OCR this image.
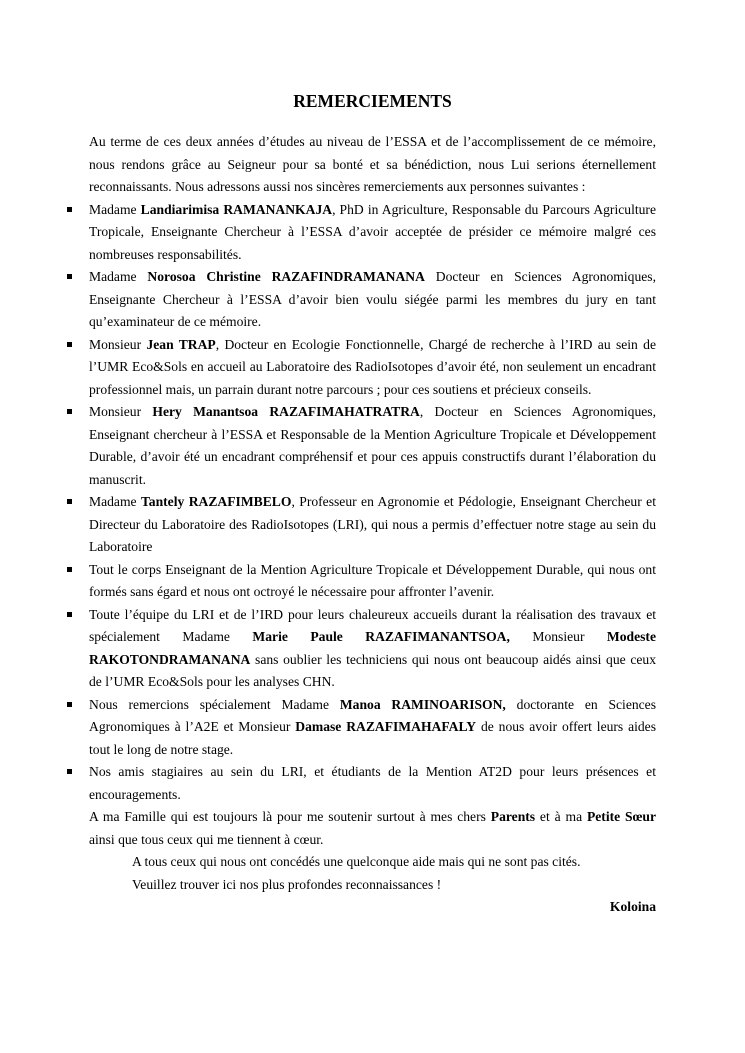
REMERCIEMENTS

Au terme de ces deux années d’études au niveau de l’ESSA et de l’accomplissement de ce mémoire, nous rendons grâce au Seigneur pour sa bonté et sa bénédiction, nous Lui serions éternellement reconnaissants. Nous adressons aussi nos sincères remerciements aux personnes suivantes :

Madame Landiarimisa RAMANANKAJA, PhD in Agriculture, Responsable du Parcours Agriculture Tropicale, Enseignante Chercheur à l’ESSA d’avoir acceptée de présider ce mémoire malgré ces nombreuses responsabilités.
Madame Norosoa Christine RAZAFINDRAMANANA Docteur en Sciences Agronomiques, Enseignante Chercheur à l’ESSA d’avoir bien voulu siégée parmi les membres du jury en tant qu’examinateur de ce mémoire.
Monsieur Jean TRAP, Docteur en Ecologie Fonctionnelle, Chargé de recherche à l’IRD au sein de l’UMR Eco&Sols en accueil au Laboratoire des RadioIsotopes d’avoir été, non seulement un encadrant professionnel mais, un parrain durant notre parcours ; pour ces soutiens et précieux conseils.
Monsieur Hery Manantsoa RAZAFIMAHATRATRA, Docteur en Sciences Agronomiques, Enseignant chercheur à l’ESSA et Responsable de la Mention Agriculture Tropicale et Développement Durable, d’avoir été un encadrant compréhensif et pour ces appuis constructifs durant l’élaboration du manuscrit.
Madame Tantely RAZAFIMBELO, Professeur en Agronomie et Pédologie, Enseignant Chercheur et Directeur du Laboratoire des RadioIsotopes (LRI), qui nous a permis d’effectuer notre stage au sein du Laboratoire
Tout le corps Enseignant de la Mention Agriculture Tropicale et Développement Durable, qui nous ont formés sans égard et nous ont octroyé le nécessaire pour affronter l’avenir.
Toute l’équipe du LRI et de l’IRD pour leurs chaleureux accueils durant la réalisation des travaux et spécialement Madame Marie Paule RAZAFIMANANTSOA, Monsieur Modeste RAKOTONDRAMANANA sans oublier les techniciens qui nous ont beaucoup aidés ainsi que ceux de l’UMR Eco&Sols pour les analyses CHN.
Nous remercions spécialement Madame Manoa RAMINOARISON, doctorante en Sciences Agronomiques à l’A2E et Monsieur Damase RAZAFIMAHAFALY de nous avoir offert leurs aides tout le long de notre stage.
Nos amis stagiaires au sein du LRI, et étudiants de la Mention AT2D pour leurs présences et encouragements.

A ma Famille qui est toujours là pour me soutenir surtout à mes chers Parents et à ma Petite Sœur ainsi que tous ceux qui me tiennent à cœur.

A tous ceux qui nous ont concédés une quelconque aide mais qui ne sont pas cités.

Veuillez trouver ici nos plus profondes reconnaissances !

Koloina
